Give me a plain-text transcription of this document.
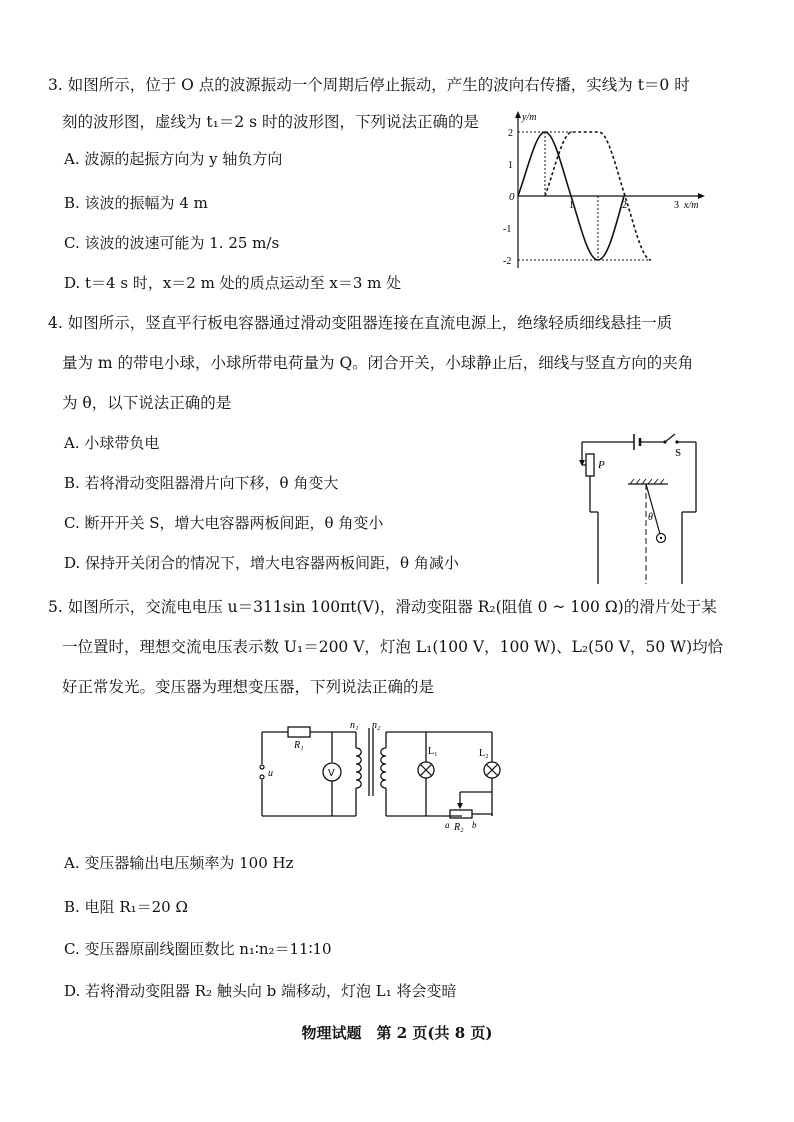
3. 如图所示，位于 O 点的波源振动一个周期后停止振动，产生的波向右传播，实线为 t＝0 时
刻的波形图，虚线为 t₁＝2 s 时的波形图，下列说法正确的是
A. 波源的起振方向为 y 轴负方向
B. 该波的振幅为 4 m
C. 该波的波速可能为 1. 25 m/s
D. t＝4 s 时，x＝2 m 处的质点运动至 x＝3 m 处
y/m
x/m
0
1	2	3
2
1
-1
-2
4. 如图所示，竖直平行板电容器通过滑动变阻器连接在直流电源上，绝缘轻质细线悬挂一质
量为 m 的带电小球，小球所带电荷量为 Q。闭合开关，小球静止后，细线与竖直方向的夹角
为 θ，以下说法正确的是
A. 小球带负电
B. 若将滑动变阻器滑片向下移，θ 角变大
C. 断开开关 S，增大电容器两板间距，θ 角变小
D. 保持开关闭合的情况下，增大电容器两板间距，θ 角减小
S
P
θ
5. 如图所示，交流电电压 u＝311sin 100πt(V)，滑动变阻器 R₂(阻值 0 ~ 100 Ω)的滑片处于某
一位置时，理想交流电压表示数 U₁＝200 V，灯泡 L₁(100 V，100 W)、L₂(50 V，50 W)均恰
好正常发光。变压器为理想变压器，下列说法正确的是
R₁
u	V
n₁ n₂
L₁	L₂
a R₂ b
A. 变压器输出电压频率为 100 Hz
B. 电阻 R₁＝20 Ω
C. 变压器原副线圈匝数比 n₁∶n₂＝11∶10
D. 若将滑动变阻器 R₂ 触头向 b 端移动，灯泡 L₁ 将会变暗
物理试题　第 2 页(共 8 页)
